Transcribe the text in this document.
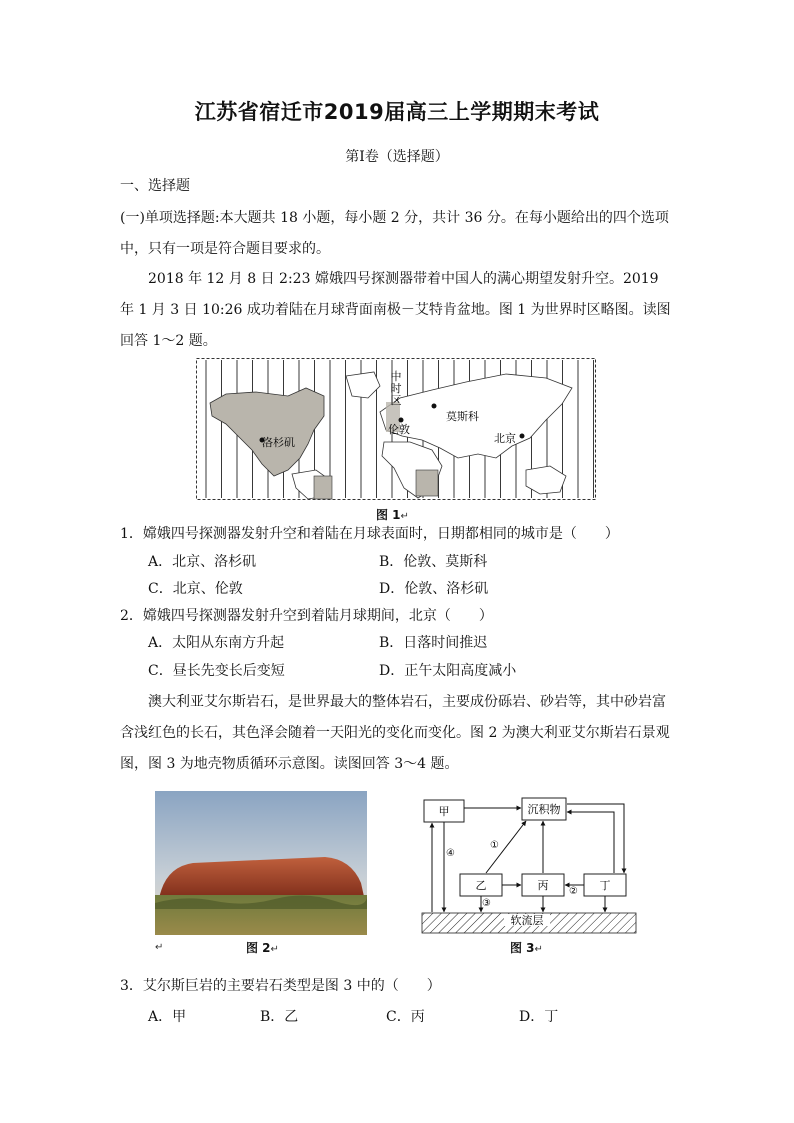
江苏省宿迁市2019届高三上学期期末考试
第Ⅰ卷（选择题）
一、选择题
(一)单项选择题:本大题共 18 小题，每小题 2 分，共计 36 分。在每小题给出的四个选项中，只有一项是符合题目要求的。
2018 年 12 月 8 日 2:23 嫦娥四号探测器带着中国人的满心期望发射升空。2019 年 1 月 3 日 10:26 成功着陆在月球背面南极－艾特肯盆地。图 1 为世界时区略图。读图回答 1～2 题。
中
时
区
莫斯科
洛杉矶
伦敦
北京
图 1↵
1．嫦娥四号探测器发射升空和着陆在月球表面时，日期都相同的城市是（　　）
A．北京、洛杉矶	B．伦敦、莫斯科
C．北京、伦敦	D．伦敦、洛杉矶
2．嫦娥四号探测器发射升空到着陆月球期间，北京（　　）
A．太阳从东南方升起	B．日落时间推迟
C．昼长先变长后变短	D．正午太阳高度减小
澳大利亚艾尔斯岩石，是世界最大的整体岩石，主要成份砾岩、砂岩等，其中砂岩富含浅红色的长石，其色泽会随着一天阳光的变化而变化。图 2 为澳大利亚艾尔斯岩石景观图，图 3 为地壳物质循环示意图。读图回答 3～4 题。
↵	图 2↵
软流层
甲	沉积物
乙	丙	丁
①
②
③
④
图 3↵
3．艾尔斯巨岩的主要岩石类型是图 3 中的（　　）
A．甲	B．乙	C．丙	D．丁
